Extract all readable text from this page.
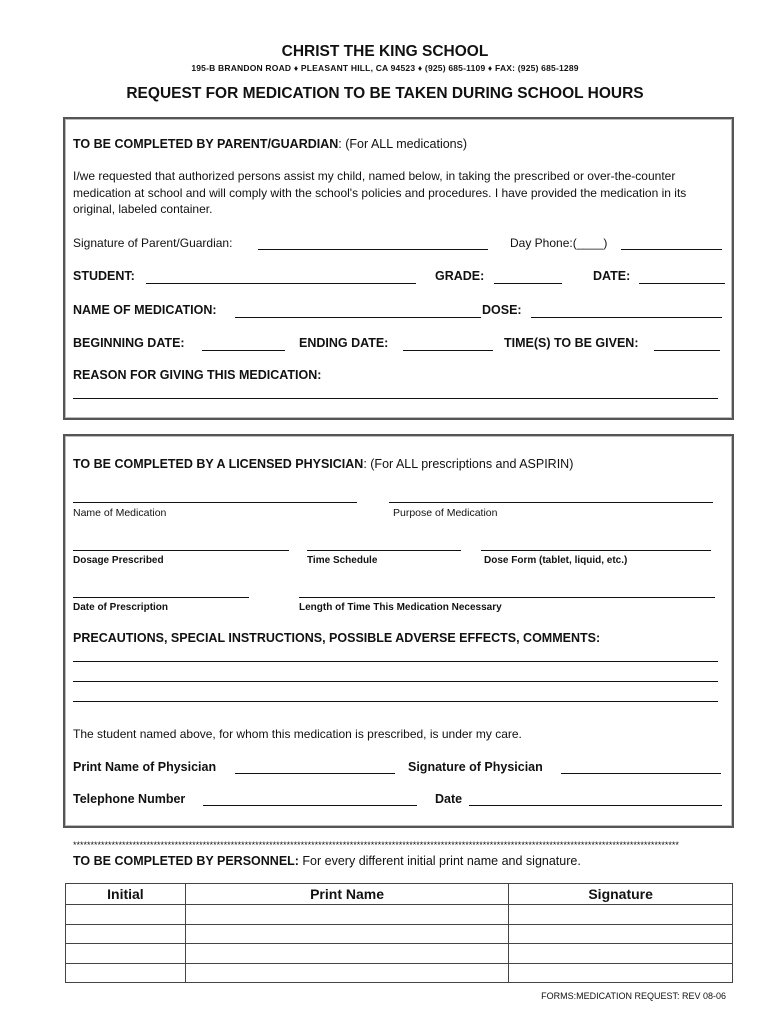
CHRIST THE KING SCHOOL
195-B BRANDON ROAD ♦ PLEASANT HILL, CA 94523 ♦ (925) 685-1109 ♦ FAX: (925) 685-1289
REQUEST FOR MEDICATION TO BE TAKEN DURING SCHOOL HOURS
TO BE COMPLETED BY PARENT/GUARDIAN: (For ALL medications)
I/we requested that authorized persons assist my child, named below, in taking the prescribed or over-the-counter medication at school and will comply with the school's policies and procedures. I have provided the medication in its original, labeled container.
Signature of Parent/Guardian:	Day Phone:(____)
STUDENT:	GRADE:	DATE:
NAME OF MEDICATION:	DOSE:
BEGINNING DATE:	ENDING DATE:	TIME(S) TO BE GIVEN:
REASON FOR GIVING THIS MEDICATION:
TO BE COMPLETED BY A LICENSED PHYSICIAN: (For ALL prescriptions and ASPIRIN)
Name of Medication	Purpose of Medication
Dosage Prescribed	Time Schedule	Dose Form (tablet, liquid, etc.)
Date of Prescription	Length of Time This Medication Necessary
PRECAUTIONS, SPECIAL INSTRUCTIONS, POSSIBLE ADVERSE EFFECTS, COMMENTS:
The student named above, for whom this medication is prescribed, is under my care.
Print Name of Physician	Signature of Physician
Telephone Number	Date
*****************************************************************************************************************************************************************************
TO BE COMPLETED BY PERSONNEL: For every different initial print name and signature.
Initial	Print Name	Signature

FORMS:MEDICATION REQUEST: REV 08-06
